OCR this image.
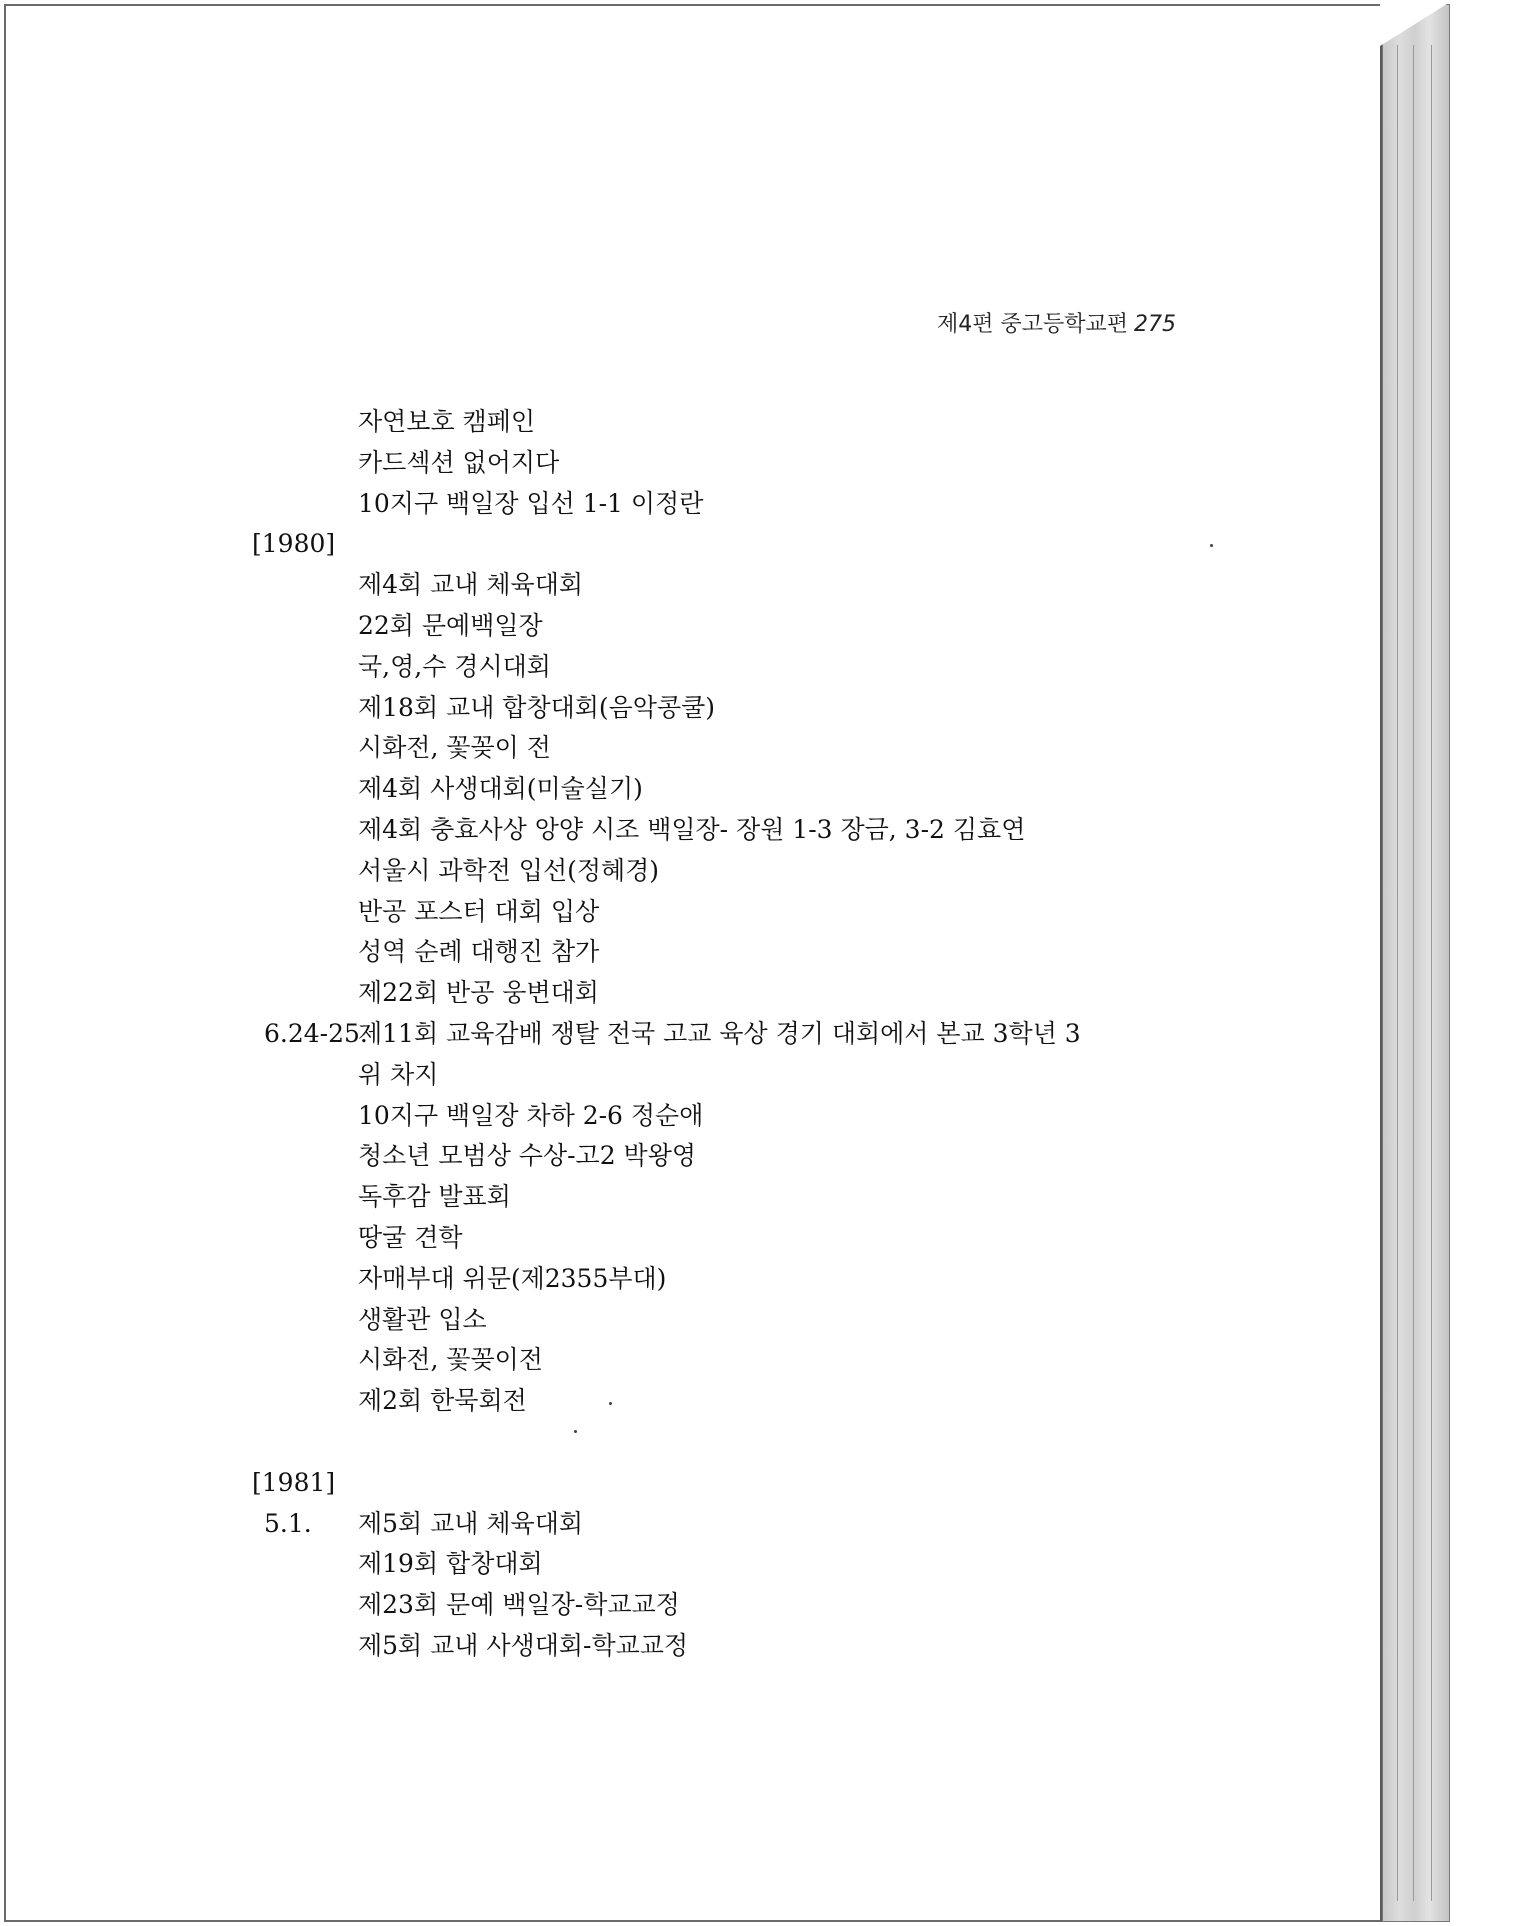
제4편 중고등학교편 275
자연보호 캠페인
카드섹션 없어지다
10지구 백일장 입선 1-1 이정란
[1980]
제4회 교내 체육대회
22회 문예백일장
국,영,수 경시대회
제18회 교내 합창대회(음악콩쿨)
시화전, 꽃꽂이 전
제4회 사생대회(미술실기)
제4회 충효사상 앙양 시조 백일장- 장원 1-3 장금, 3-2 김효연
서울시 과학전 입선(정혜경)
반공 포스터 대회 입상
성역 순례 대행진 참가
제22회 반공 웅변대회
6.24-25.
제11회 교육감배 쟁탈 전국 고교 육상 경기 대회에서 본교 3학년 3
위 차지
10지구 백일장 차하 2-6 정순애
청소년 모범상 수상-고2 박왕영
독후감 발표회
땅굴 견학
자매부대 위문(제2355부대)
생활관 입소
시화전, 꽃꽂이전
제2회 한묵회전
[1981]
5.1. 제5회 교내 체육대회
제19회 합창대회
제23회 문예 백일장-학교교정
제5회 교내 사생대회-학교교정
